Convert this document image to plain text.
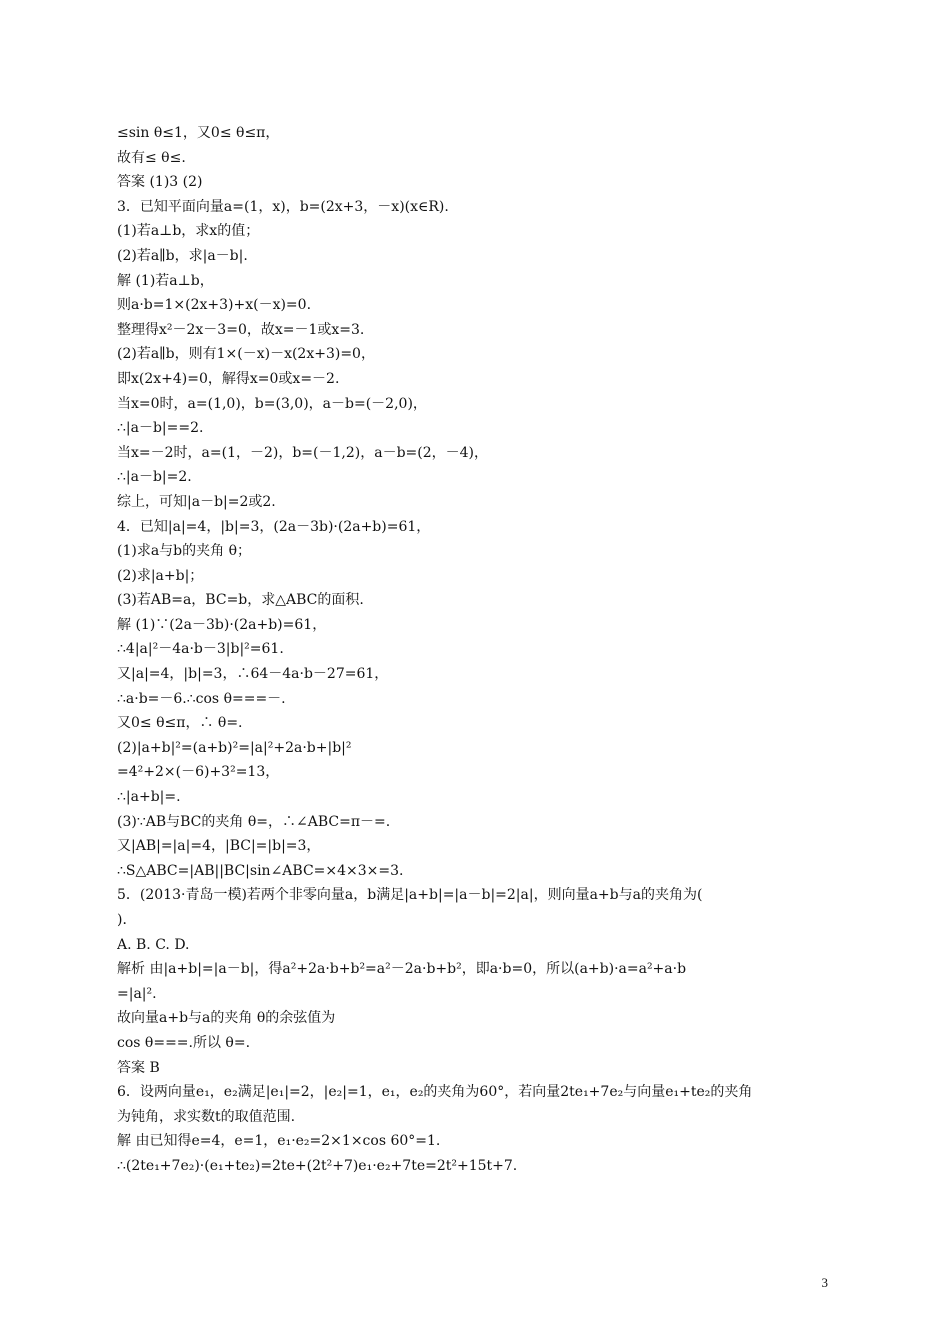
≤sin θ≤1，又0≤ θ≤π，
故有≤ θ≤.
答案 (1)3 (2)
3．已知平面向量a=(1，x)，b=(2x+3，－x)(x∈R).
(1)若a⊥b，求x的值；
(2)若a∥b，求|a－b|.
解 (1)若a⊥b，
则a·b=1×(2x+3)+x(－x)=0.
整理得x²－2x－3=0，故x=－1或x=3.
(2)若a∥b，则有1×(－x)－x(2x+3)=0，
即x(2x+4)=0，解得x=0或x=－2.
当x=0时，a=(1,0)，b=(3,0)，a－b=(－2,0)，
∴|a－b|==2.
当x=－2时，a=(1，－2)，b=(－1,2)，a－b=(2，－4)，
∴|a－b|=2.
综上，可知|a－b|=2或2.
4．已知|a|=4，|b|=3，(2a－3b)·(2a+b)=61，
(1)求a与b的夹角 θ；
(2)求|a+b|；
(3)若AB=a，BC=b，求△ABC的面积.
解 (1)∵(2a－3b)·(2a+b)=61，
∴4|a|²－4a·b－3|b|²=61.
又|a|=4，|b|=3，∴64－4a·b－27=61，
∴a·b=－6.∴cos θ===－.
又0≤ θ≤π，∴ θ=.
(2)|a+b|²=(a+b)²=|a|²+2a·b+|b|²
=4²+2×(－6)+3²=13，
∴|a+b|=.
(3)∵AB与BC的夹角 θ=，∴∠ABC=π－=.
又|AB|=|a|=4，|BC|=|b|=3，
∴S△ABC=|AB||BC|sin∠ABC=×4×3×=3.
5．(2013·青岛一模)若两个非零向量a，b满足|a+b|=|a－b|=2|a|，则向量a+b与a的夹角为(
)．
A. B. C. D.
解析 由|a+b|=|a－b|，得a²+2a·b+b²=a²－2a·b+b²，即a·b=0，所以(a+b)·a=a²+a·b
=|a|².
故向量a+b与a的夹角 θ的余弦值为
cos θ===.所以 θ=.
答案 B
6．设两向量e₁，e₂满足|e₁|=2，|e₂|=1，e₁，e₂的夹角为60°，若向量2te₁+7e₂与向量e₁+te₂的夹角
为钝角，求实数t的取值范围.
解 由已知得e=4，e=1，e₁·e₂=2×1×cos 60°=1.
∴(2te₁+7e₂)·(e₁+te₂)=2te+(2t²+7)e₁·e₂+7te=2t²+15t+7.
3
